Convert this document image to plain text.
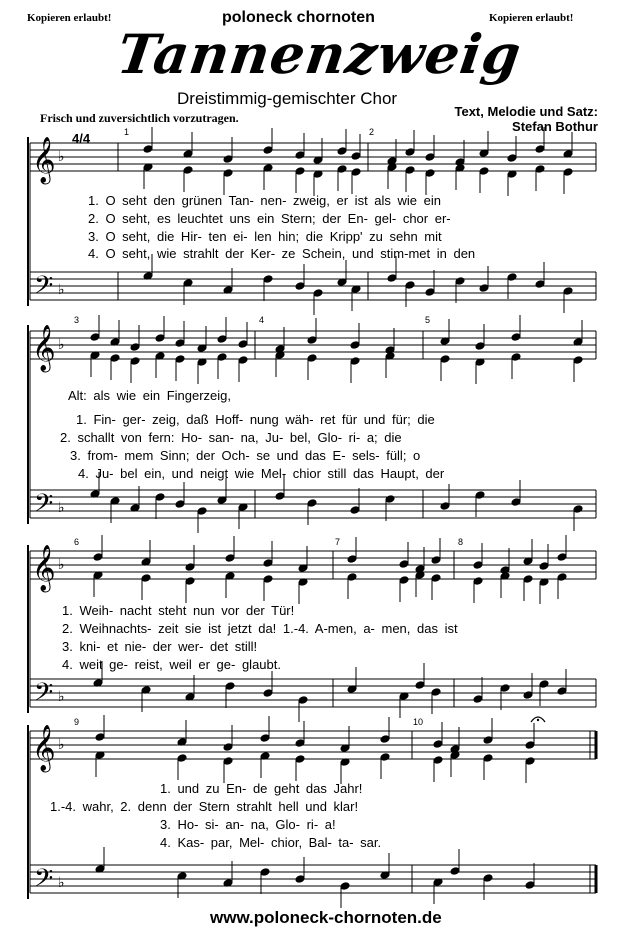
Kopieren erlaubt!	poloneck chornoten	Kopieren erlaubt!
Tannenzweig
Dreistimmig-gemischter Chor
Text, Melodie und Satz:
Stefan Bothur
Frisch und zuversichtlich vorzutragen.
𝄞
𝄢
♭
♭
𝄞
𝄢
♭
♭
𝄞
𝄢
♭
♭
𝄞
𝄢
♭
♭
4/4	1	2
3	4	5
6	7	8
9	10
1. O seht den grünen Tan- nen- zweig, er ist als wie ein
2. O seht, es leuchtet uns ein Stern; der En- gel- chor er-
3. O seht, die Hir- ten ei- len hin; die Kripp' zu sehn mit
4. O seht, wie strahlt der Ker- ze Schein, und stim-met in den
Alt: als wie ein Fingerzeig,
1. Fin- ger- zeig, daß Hoff- nung wäh- ret für und für; die
2. schallt von fern: Ho- san- na, Ju- bel, Glo- ri- a; die
3. from- mem Sinn; der Och- se und das E- sels- füll; o
4. Ju- bel ein, und neigt wie Mel- chior still das Haupt, der
1. Weih- nacht steht nun vor der Tür!
2. Weihnachts- zeit sie ist jetzt da! 1.-4. A-men, a- men, das ist
3. kni- et nie- der wer- det still!
4. weit ge- reist, weil er ge- glaubt.
1. und zu En- de geht das Jahr!
1.-4. wahr, 2. denn der Stern strahlt hell und klar!
3. Ho- si- an- na, Glo- ri- a!
4. Kas- par, Mel- chior, Bal- ta- sar.
www.poloneck-chornoten.de
